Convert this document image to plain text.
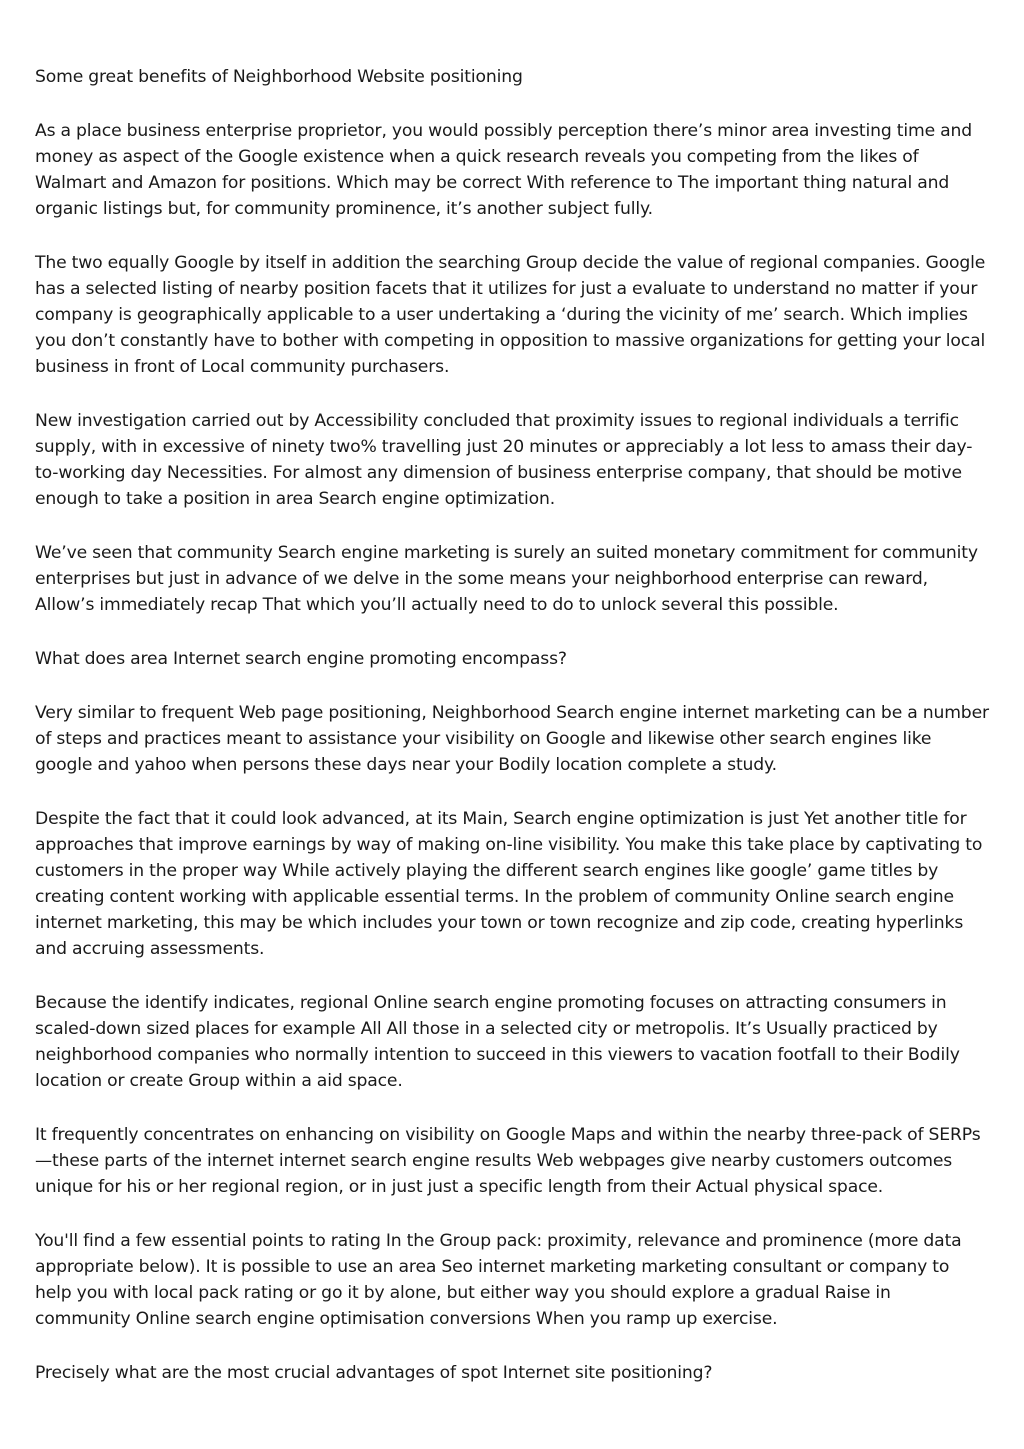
Some great benefits of Neighborhood Website positioning

As a place business enterprise proprietor, you would possibly perception there’s minor area investing time and money as aspect of the Google existence when a quick research reveals you competing from the likes of Walmart and Amazon for positions. Which may be correct With reference to The important thing natural and organic listings but, for community prominence, it’s another subject fully.

The two equally Google by itself in addition the searching Group decide the value of regional companies. Google has a selected listing of nearby position facets that it utilizes for just a evaluate to understand no matter if your company is geographically applicable to a user undertaking a ‘during the vicinity of me’ search. Which implies you don’t constantly have to bother with competing in opposition to massive organizations for getting your local business in front of Local community purchasers.

New investigation carried out by Accessibility concluded that proximity issues to regional individuals a terrific supply, with in excessive of ninety two% travelling just 20 minutes or appreciably a lot less to amass their day-to-working day Necessities. For almost any dimension of business enterprise company, that should be motive enough to take a position in area Search engine optimization.

We’ve seen that community Search engine marketing is surely an suited monetary commitment for community enterprises but just in advance of we delve in the some means your neighborhood enterprise can reward, Allow’s immediately recap That which you’ll actually need to do to unlock several this possible.

What does area Internet search engine promoting encompass?

Very similar to frequent Web page positioning, Neighborhood Search engine internet marketing can be a number of steps and practices meant to assistance your visibility on Google and likewise other search engines like google and yahoo when persons these days near your Bodily location complete a study.

Despite the fact that it could look advanced, at its Main, Search engine optimization is just Yet another title for approaches that improve earnings by way of making on-line visibility. You make this take place by captivating to customers in the proper way While actively playing the different search engines like google’ game titles by creating content working with applicable essential terms. In the problem of community Online search engine internet marketing, this may be which includes your town or town recognize and zip code, creating hyperlinks and accruing assessments.

Because the identify indicates, regional Online search engine promoting focuses on attracting consumers in scaled-down sized places for example All All those in a selected city or metropolis. It’s Usually practiced by neighborhood companies who normally intention to succeed in this viewers to vacation footfall to their Bodily location or create Group within a aid space.

It frequently concentrates on enhancing on visibility on Google Maps and within the nearby three-pack of SERPs—these parts of the internet internet search engine results Web webpages give nearby customers outcomes unique for his or her regional region, or in just just a specific length from their Actual physical space.

You'll find a few essential points to rating In the Group pack: proximity, relevance and prominence (more data appropriate below). It is possible to use an area Seo internet marketing marketing consultant or company to help you with local pack rating or go it by alone, but either way you should explore a gradual Raise in community Online search engine optimisation conversions When you ramp up exercise.

Precisely what are the most crucial advantages of spot Internet site positioning?
